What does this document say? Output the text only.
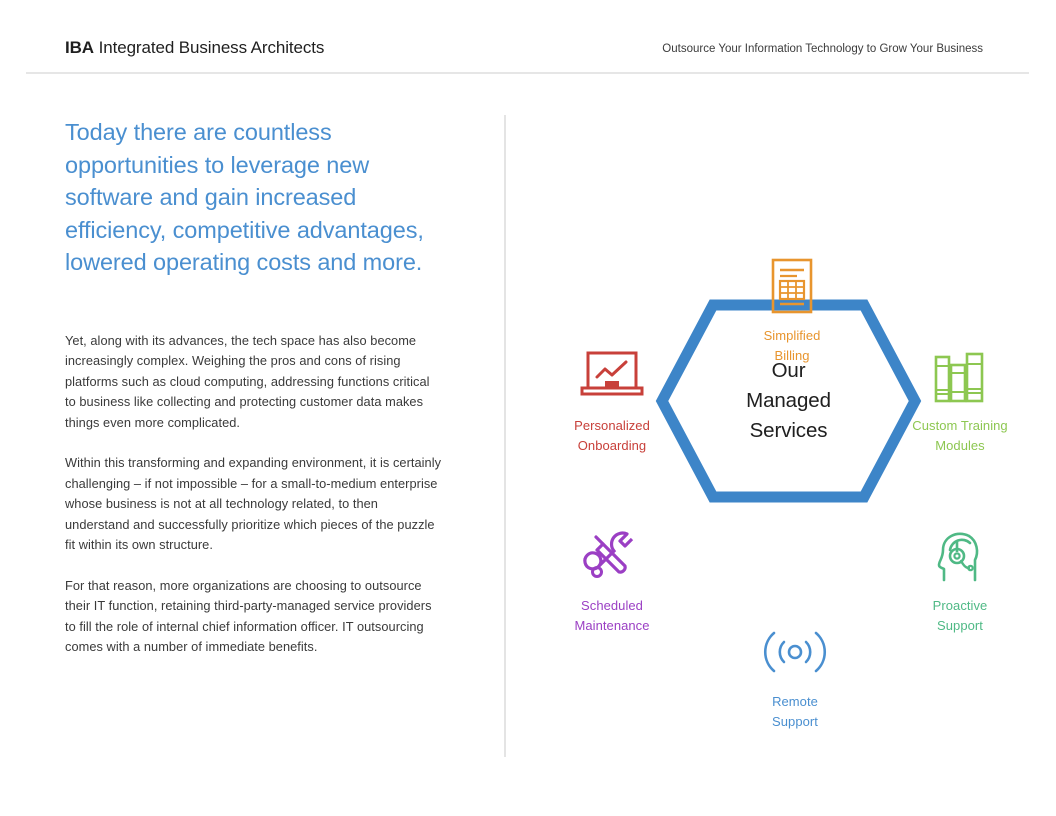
IBA Integrated Business Architects	Outsource Your Information Technology to Grow Your Business
Today there are countless opportunities to leverage new software and gain increased efficiency, competitive advantages, lowered operating costs and more.

Yet, along with its advances, the tech space has also become increasingly complex. Weighing the pros and cons of rising platforms such as cloud computing, addressing functions critical to business like collecting and protecting customer data makes things even more complicated.

Within this transforming and expanding environment, it is certainly challenging – if not impossible – for a small-to-medium enterprise whose business is not at all technology related, to then understand and successfully prioritize which pieces of the puzzle fit within its own structure.

For that reason, more organizations are choosing to outsource their IT function, retaining third-party-managed service providers to fill the role of internal chief information officer. IT outsourcing comes with a number of immediate benefits.

Our
Managed
Services
Simplified
Billing
Personalized
Onboarding
Custom Training
Modules
Scheduled
Maintenance
Proactive
Support
Remote
Support
